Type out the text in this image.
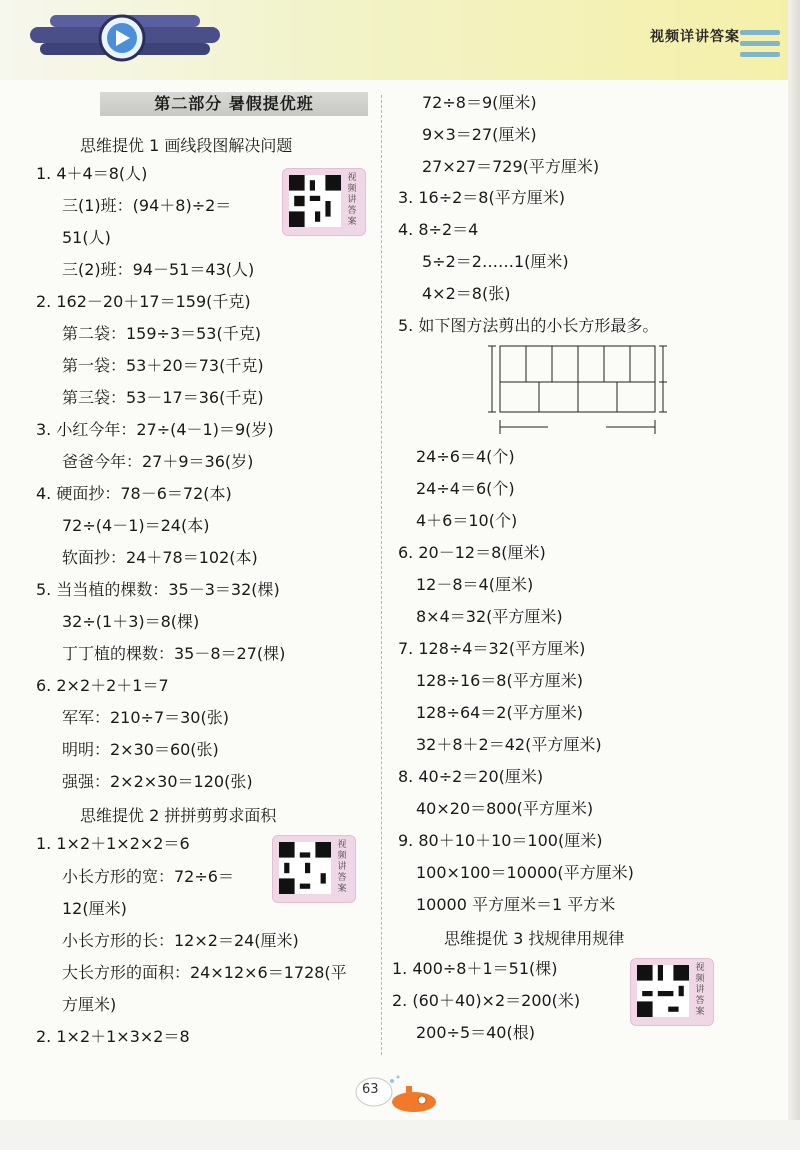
视频详讲答案
第二部分 暑假提优班
思维提优 1 画线段图解决问题
1. 4＋4＝8(人)
三(1)班：(94＋8)÷2＝
51(人)
三(2)班：94－51＝43(人)
2. 162－20＋17＝159(千克)
第二袋：159÷3＝53(千克)
第一袋：53＋20＝73(千克)
第三袋：53－17＝36(千克)
3. 小红今年：27÷(4－1)＝9(岁)
爸爸今年：27＋9＝36(岁)
4. 硬面抄：78－6＝72(本)
72÷(4－1)＝24(本)
软面抄：24＋78＝102(本)
5. 当当植的棵数：35－3＝32(棵)
32÷(1＋3)＝8(棵)
丁丁植的棵数：35－8＝27(棵)
6. 2×2＋2＋1＝7
军军：210÷7＝30(张)
明明：2×30＝60(张)
强强：2×2×30＝120(张)
思维提优 2 拼拼剪剪求面积
1. 1×2＋1×2×2＝6
小长方形的宽：72÷6＝
12(厘米)
小长方形的长：12×2＝24(厘米)
大长方形的面积：24×12×6＝1728(平
方厘米)
2. 1×2＋1×3×2＝8
视频讲答案
视频讲答案
视频讲答案
72÷8＝9(厘米)
9×3＝27(厘米)
27×27＝729(平方厘米)
3. 16÷2＝8(平方厘米)
4. 8÷2＝4
5÷2＝2……1(厘米)
4×2＝8(张)
5. 如下图方法剪出的小长方形最多。
24÷6＝4(个)
24÷4＝6(个)
4＋6＝10(个)
6. 20－12＝8(厘米)
12－8＝4(厘米)
8×4＝32(平方厘米)
7. 128÷4＝32(平方厘米)
128÷16＝8(平方厘米)
128÷64＝2(平方厘米)
32＋8＋2＝42(平方厘米)
8. 40÷2＝20(厘米)
40×20＝800(平方厘米)
9. 80＋10＋10＝100(厘米)
100×100＝10000(平方厘米)
10000 平方厘米＝1 平方米
思维提优 3 找规律用规律
1. 400÷8＋1＝51(棵)
2. (60＋40)×2＝200(米)
200÷5＝40(根)
63
